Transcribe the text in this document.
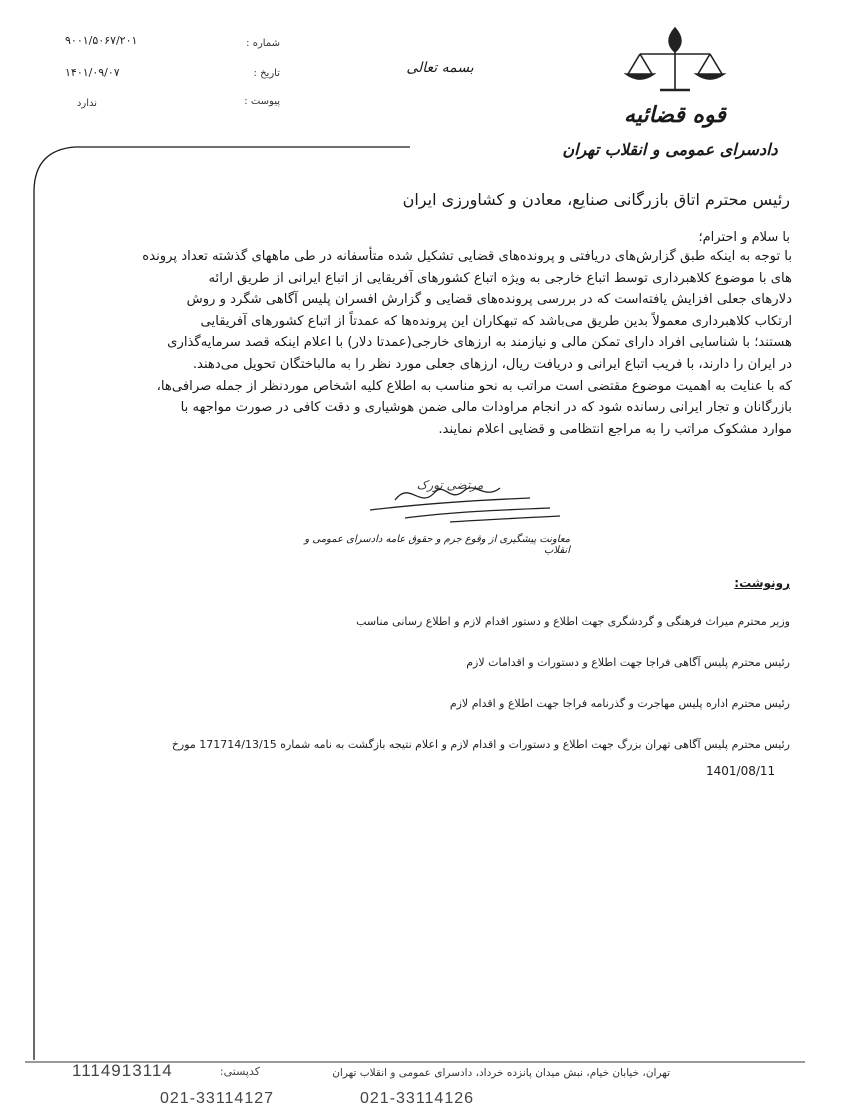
۹۰۰۱/۵۰۶۷/۲۰۱	شماره :
۱۴۰۱/۰۹/۰۷	تاریخ :
ندارد	پیوست :
بسمه تعالی
قوه قضائیه
دادسرای عمومی و انقلاب تهران
رئیس محترم اتاق بازرگانی صنایع، معادن و کشاورزی ایران
با سلام و احترام؛
با توجه به اینکه طبق گزارش‌های دریافتی و پرونده‌های قضایی تشکیل شده متأسفانه در طی ماههای گذشته تعداد پرونده
های با موضوع کلاهبرداری توسط اتباع خارجی به ویژه اتباع کشورهای آفریقایی از اتباع ایرانی از طریق ارائه
دلارهای جعلی افزایش یافته‌است که در بررسی پرونده‌های قضایی و گزارش افسران پلیس آگاهی شگرد و روش
ارتکاب کلاهبرداری معمولاً بدین طریق می‌باشد که تبهکاران این پرونده‌ها که عمدتاً از اتباع کشورهای آفریقایی
هستند؛ با شناسایی افراد دارای تمکن مالی و نیازمند به ارزهای خارجی(عمدتا دلار) با اعلام اینکه قصد سرمایه‌گذاری
در ایران را دارند، با فریب اتباع ایرانی و دریافت ریال، ارزهای جعلی مورد نظر را به مالباختگان تحویل می‌دهند.
که با عنایت به اهمیت موضوع مقتضی است مراتب به نحو مناسب به اطلاع کلیه اشخاص موردنظر از جمله صرافی‌ها،
بازرگانان و تجار ایرانی رسانده شود که در انجام مراودات مالی ضمن هوشیاری و دقت کافی در صورت مواجهه با
موارد مشکوک مراتب را به مراجع انتظامی و قضایی اعلام نمایند.
مرتضی تورک
معاونت پیشگیری از وقوع جرم و حقوق عامه دادسرای عمومی و انقلاب
رونوشت:
وزیر محترم میراث فرهنگی و گردشگری جهت اطلاع و دستور اقدام لازم و اطلاع رسانی مناسب
رئیس محترم پلیس آگاهی فراجا جهت اطلاع و دستورات و اقدامات لازم
رئیس محترم اداره پلیس مهاجرت و گذرنامه فراجا جهت اطلاع و اقدام لازم
رئیس محترم پلیس آگاهی تهران بزرگ جهت اطلاع و دستورات و اقدام لازم و اعلام نتیجه بازگشت به نامه شماره 171714/13/15 مورخ
1401/08/11
تهران، خیابان خیام، نبش میدان پانزده خرداد، دادسرای عمومی و انقلاب تهران
کدپستی:
1114913114
021-33114127	021-33114126
